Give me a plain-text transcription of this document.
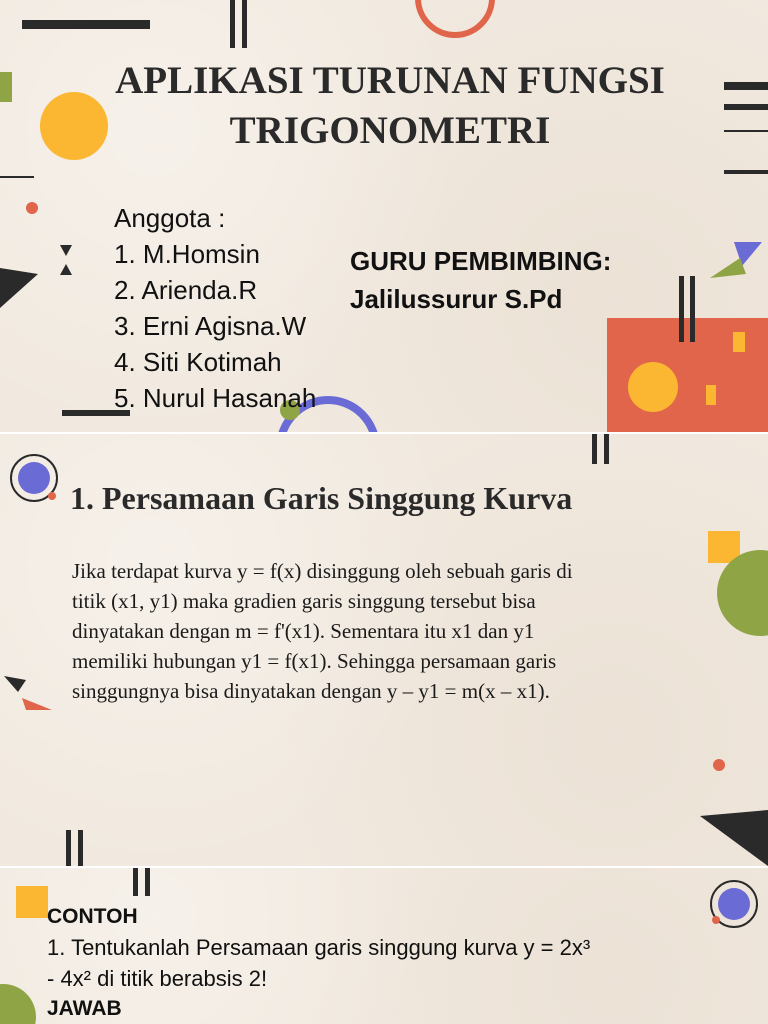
APLIKASI TURUNAN FUNGSI
TRIGONOMETRI
Anggota :
1. M.Homsin
2. Arienda.R
3. Erni Agisna.W
4. Siti Kotimah
5. Nurul Hasanah
GURU PEMBIMBING:
Jalilussurur S.Pd
1. Persamaan Garis Singgung Kurva
Jika terdapat kurva y = f(x) disinggung oleh sebuah garis di
titik (x1, y1) maka gradien garis singgung tersebut bisa
dinyatakan dengan m = f'(x1). Sementara itu x1 dan y1
memiliki hubungan y1 = f(x1). Sehingga persamaan garis
singgungnya bisa dinyatakan dengan y – y1 = m(x – x1).
CONTOH
1. Tentukanlah Persamaan garis singgung kurva y = 2x³
- 4x² di titik berabsis 2!
JAWAB
